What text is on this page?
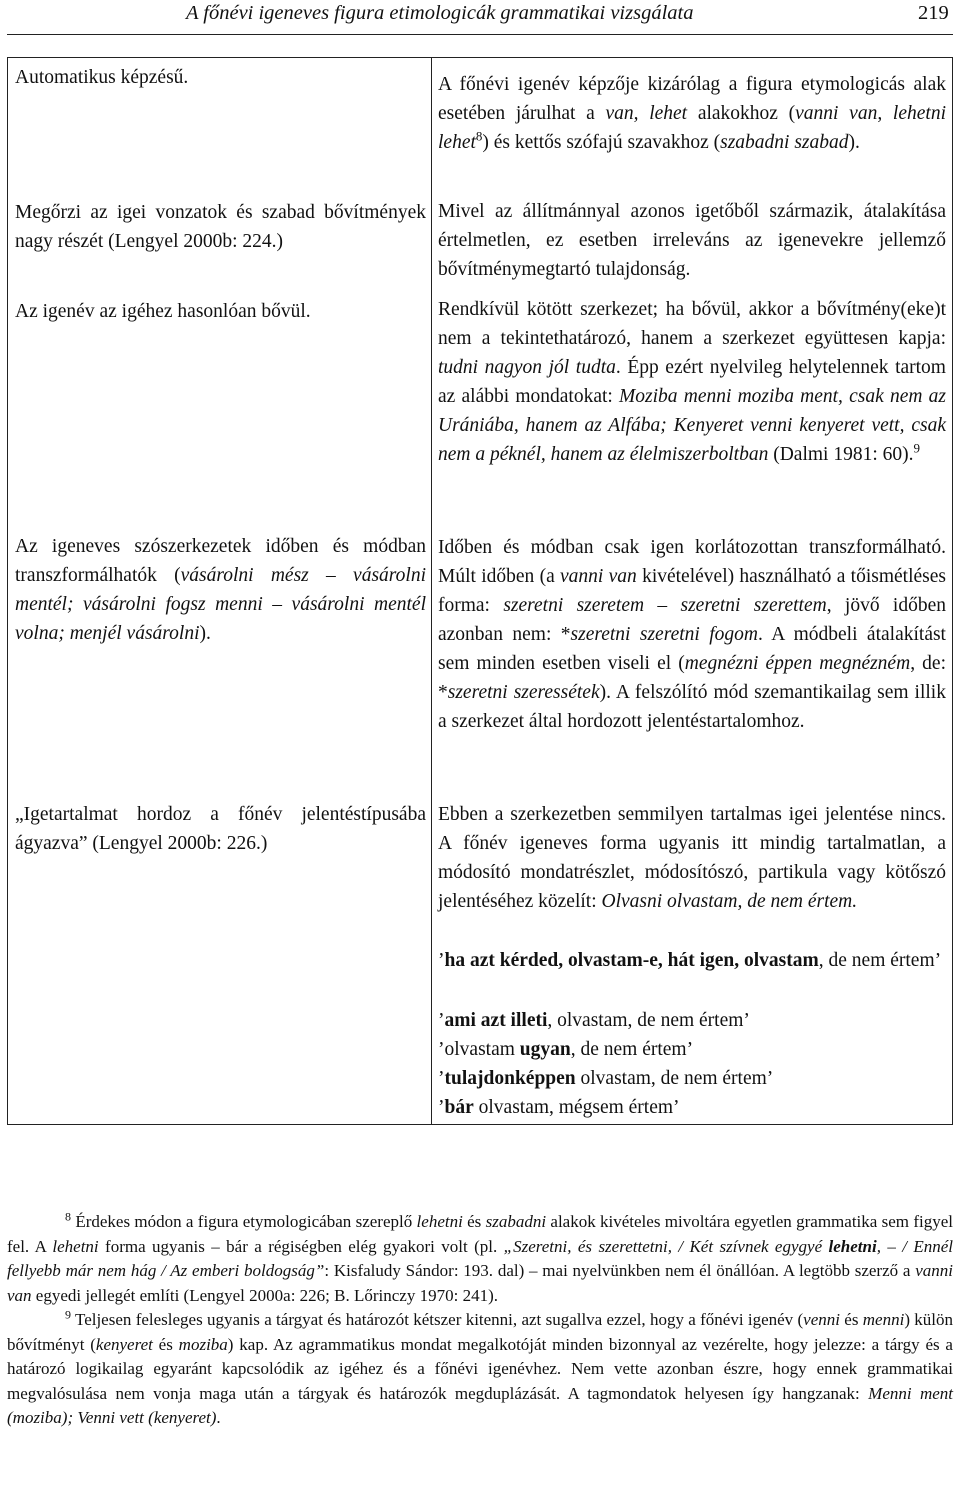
A főnévi igeneves figura etimologicák grammatikai vizsgálata	219
Automatikus képzésű.
Megőrzi az igei vonzatok és szabad bővítmények nagy részét (Lengyel 2000b: 224.)
Az igenév az igéhez hasonlóan bővül.
Az igeneves szószerkezetek időben és módban transzformálhatók (vásárolni mész – vásárolni mentél; vásárolni fogsz menni – vásárolni mentél volna; menjél vásárolni).
„Igetartalmat hordoz a főnév jelentéstípusába ágyazva” (Lengyel 2000b: 226.)
A főnévi igenév képzője kizárólag a figura etymologicás alak esetében járulhat a van, lehet alakokhoz (vanni van, lehetni lehet$^8$) és kettős szófajú szavakhoz (szabadni szabad).
Mivel az állítmánnyal azonos igetőből származik, átalakítása értelmetlen, ez esetben irreleváns az igenevekre jellemző bővítménymegtartó tulajdonság.
Rendkívül kötött szerkezet; ha bővül, akkor a bővítmény(eke)t nem a tekintethatározó, hanem a szerkezet együttesen kapja: tudni nagyon jól tudta. Épp ezért nyelvileg helytelennek tartom az alábbi mondatokat: Moziba menni moziba ment, csak nem az Urániába, hanem az Alfába; Kenyeret venni kenyeret vett, csak nem a péknél, hanem az élelmiszerboltban (Dalmi 1981: 60).$^9$
Időben és módban csak igen korlátozottan transzformálható. Múlt időben (a vanni van kivételével) használható a tőismétléses forma: szeretni szeretem – szeretni szerettem, jövő időben azonban nem: *szeretni szeretni fogom. A módbeli átalakítást sem minden esetben viseli el (megnézni éppen megnézném, de: *szeretni szeressétek). A felszólító mód szemantikailag sem illik a szerkezet által hordozott jelentéstartalomhoz.
Ebben a szerkezetben semmilyen tartalmas igei jelentése nincs. A főnév igeneves forma ugyanis itt mindig tartalmatlan, a módosító mondatrészlet, módosítószó, partikula vagy kötőszó jelentéséhez közelít: Olvasni olvastam, de nem értem.
’ha azt kérded, olvastam-e, hát igen, olvastam, de nem értem’
’ami azt illeti, olvastam, de nem értem’
’olvastam ugyan, de nem értem’
’tulajdonképpen olvastam, de nem értem’
’bár olvastam, mégsem értem’

$^8$ Érdekes módon a figura etymologicában szereplő lehetni és szabadni alakok kivételes mivoltára egyetlen grammatika sem figyel fel. A lehetni forma ugyanis – bár a régiségben elég gyakori volt (pl. „Szeretni, és szerettetni, / Két szívnek egygyé lehetni, – / Ennél fellyebb már nem hág / Az emberi boldogság”: Kisfaludy Sándor: 193. dal) – mai nyelvünkben nem él önállóan. A legtöbb szerző a vanni van egyedi jellegét említi (Lengyel 2000a: 226; B. Lőrinczy 1970: 241).

$^9$ Teljesen felesleges ugyanis a tárgyat és határozót kétszer kitenni, azt sugallva ezzel, hogy a főnévi igenév (venni és menni) külön bővítményt (kenyeret és moziba) kap. Az agrammatikus mondat megalkotóját minden bizonnyal az vezérelte, hogy jelezze: a tárgy és a határozó logikailag egyaránt kapcsolódik az igéhez és a főnévi igenévhez. Nem vette azonban észre, hogy ennek grammatikai megvalósulása nem vonja maga után a tárgyak és határozók megduplázását. A tagmondatok helyesen így hangzanak: Menni ment (moziba); Venni vett (kenyeret).
